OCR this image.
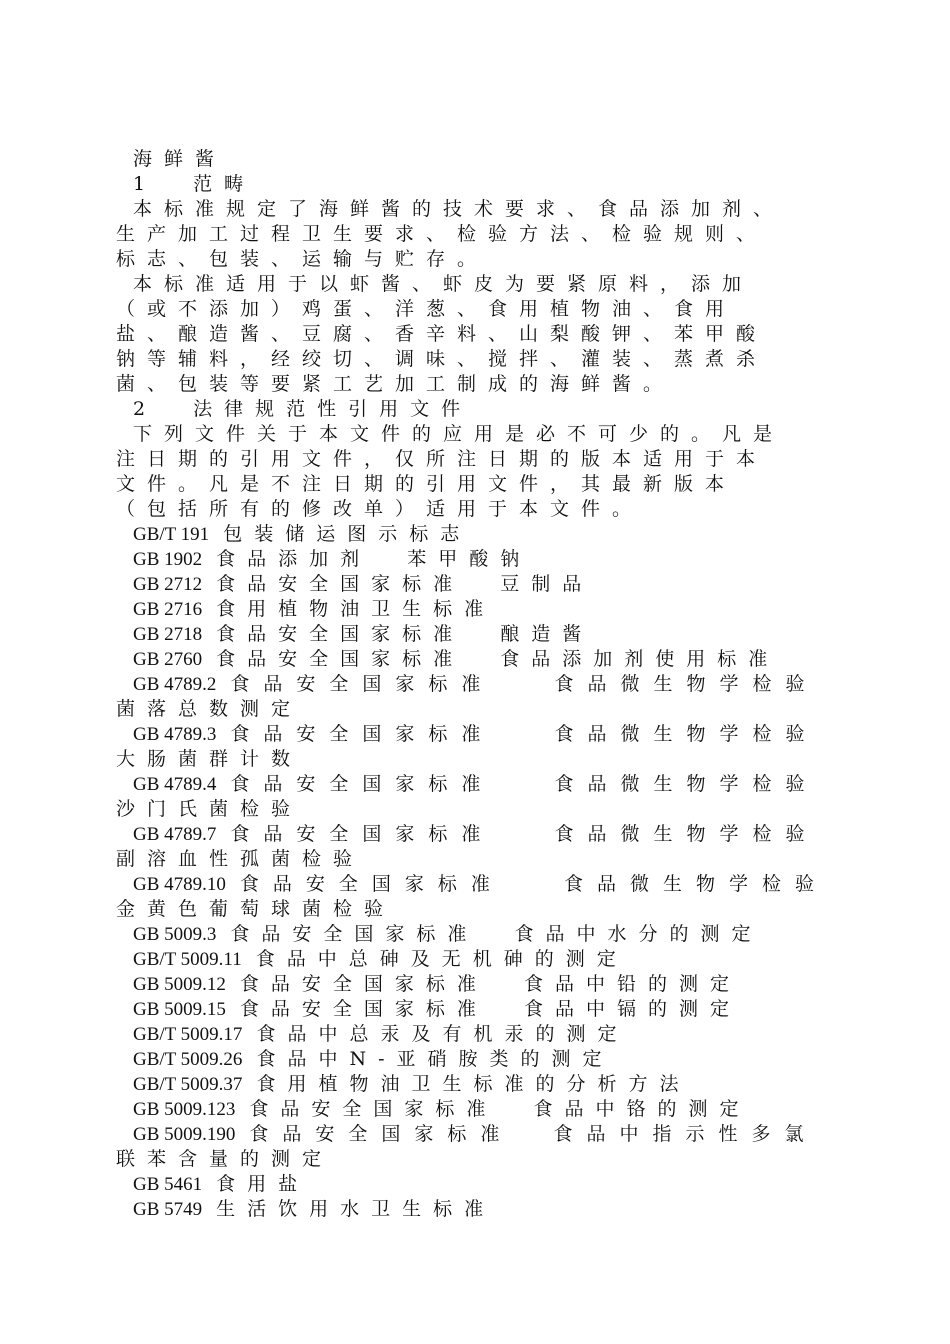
海鲜酱
1  范畴
本标准规定了海鲜酱的技术要求、食品添加剂、
生产加工过程卫生要求、检验方法、检验规则、
标志、包装、运输与贮存。
本标准适用于以虾酱、虾皮为要紧原料，添加
（或不添加）鸡蛋、洋葱、食用植物油、食用
盐、酿造酱、豆腐、香辛料、山梨酸钾、苯甲酸
钠等辅料，经绞切、调味、搅拌、灌装、蒸煮杀
菌、包装等要紧工艺加工制成的海鲜酱。
2  法律规范性引用文件
下列文件关于本文件的应用是必不可少的。凡是
注日期的引用文件，仅所注日期的版本适用于本
文件。凡是不注日期的引用文件，其最新版本
（包括所有的修改单）适用于本文件。
GB/T 191 包装储运图示标志
GB 1902 食品添加剂  苯甲酸钠
GB 2712 食品安全国家标准  豆制品
GB 2716 食用植物油卫生标准
GB 2718 食品安全国家标准  酿造酱
GB 2760 食品安全国家标准  食品添加剂使用标准
GB 4789.2 食品安全国家标准   食品微生物学检验
菌落总数测定
GB 4789.3 食品安全国家标准   食品微生物学检验
大肠菌群计数
GB 4789.4 食品安全国家标准   食品微生物学检验
沙门氏菌检验
GB 4789.7 食品安全国家标准   食品微生物学检验
副溶血性孤菌检验
GB 4789.10 食品安全国家标准   食品微生物学检验
金黄色葡萄球菌检验
GB 5009.3 食品安全国家标准  食品中水分的测定
GB/T 5009.11 食品中总砷及无机砷的测定
GB 5009.12 食品安全国家标准  食品中铅的测定
GB 5009.15 食品安全国家标准  食品中镉的测定
GB/T 5009.17 食品中总汞及有机汞的测定
GB/T 5009.26 食品中N-亚硝胺类的测定
GB/T 5009.37 食用植物油卫生标准的分析方法
GB 5009.123 食品安全国家标准  食品中铬的测定
GB 5009.190 食品安全国家标准  食品中指示性多氯
联苯含量的测定
GB 5461 食用盐
GB 5749 生活饮用水卫生标准
